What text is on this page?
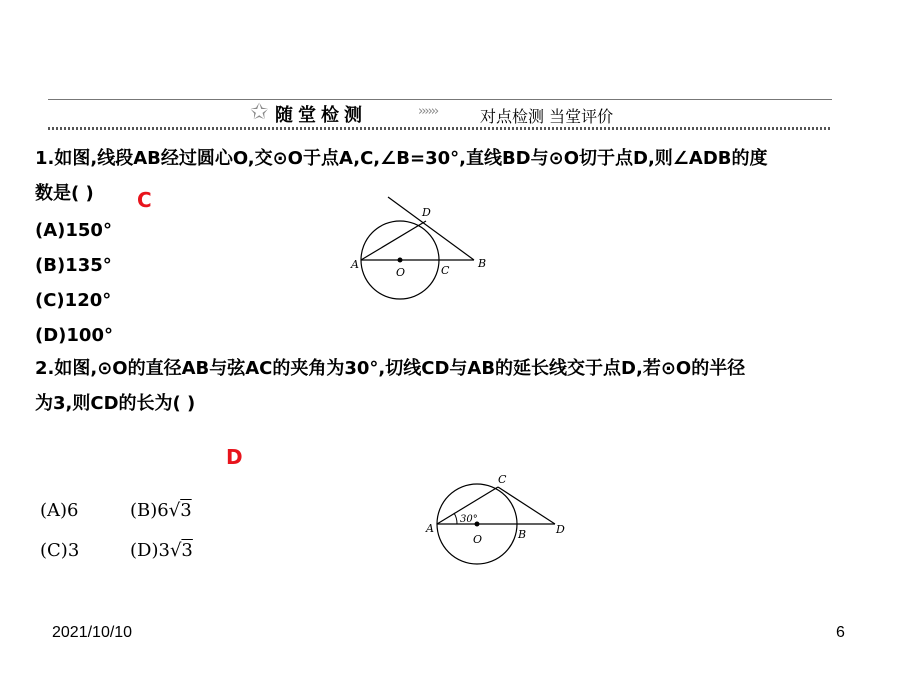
✩ 随堂检测	››››››	对点检测 当堂评价
1.如图,线段AB经过圆心O,交⊙O于点A,C,∠B=30°,直线BD与⊙O切于点D,则∠ADB的度
数是( ) C
(A)150°
(B)135°
(C)120°
(D)100°
A
O	C
B
D
2.如图,⊙O的直径AB与弦AC的夹角为30°,切线CD与AB的延长线交于点D,若⊙O的半径
为3,则CD的长为( )
D
(A)6	(B)6√3
(C)3	(D)3√3
A
O	B
C
D
30°
2021/10/10	6
